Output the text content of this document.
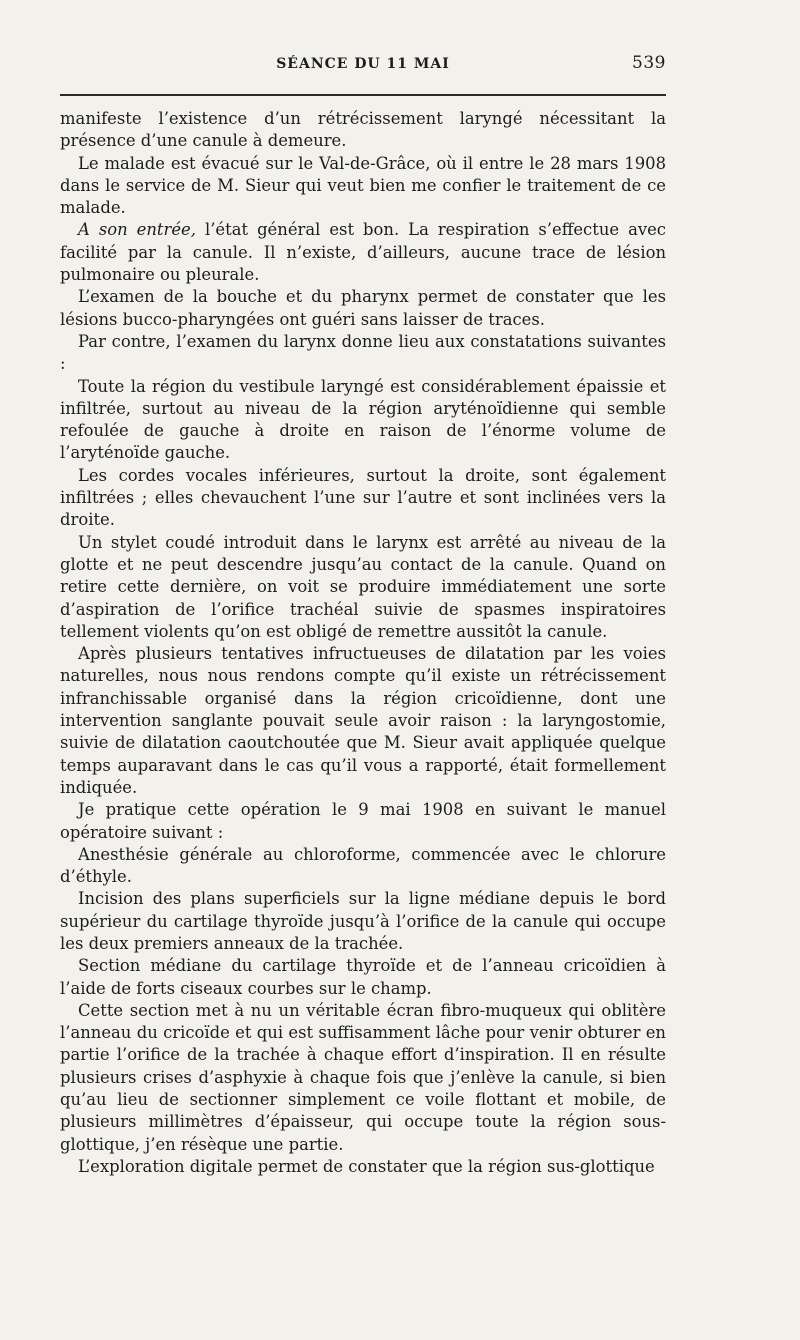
SÉANCE DU 11 MAI	539

manifeste l’existence d’un rétrécissement laryngé nécessitant la présence d’une canule à demeure.

Le malade est évacué sur le Val-de-Grâce, où il entre le 28 mars 1908 dans le service de M. Sieur qui veut bien me confier le traitement de ce malade.

A son entrée, l’état général est bon. La respiration s’effectue avec facilité par la canule. Il n’existe, d’ailleurs, aucune trace de lésion pulmonaire ou pleurale.

L’examen de la bouche et du pharynx permet de constater que les lésions bucco-pharyngées ont guéri sans laisser de traces.

Par contre, l’examen du larynx donne lieu aux constatations suivantes :

Toute la région du vestibule laryngé est considérablement épaissie et infiltrée, surtout au niveau de la région aryténoïdienne qui semble refoulée de gauche à droite en raison de l’énorme volume de l’aryténoïde gauche.

Les cordes vocales inférieures, surtout la droite, sont également infiltrées ; elles chevauchent l’une sur l’autre et sont inclinées vers la droite.

Un stylet coudé introduit dans le larynx est arrêté au niveau de la glotte et ne peut descendre jusqu’au contact de la canule. Quand on retire cette dernière, on voit se produire immédiatement une sorte d’aspiration de l’orifice trachéal suivie de spasmes inspiratoires tellement violents qu’on est obligé de remettre aussitôt la canule.

Après plusieurs tentatives infructueuses de dilatation par les voies naturelles, nous nous rendons compte qu’il existe un rétrécissement infranchissable organisé dans la région cricoïdienne, dont une intervention sanglante pouvait seule avoir raison : la laryngostomie, suivie de dilatation caoutchoutée que M. Sieur avait appliquée quelque temps auparavant dans le cas qu’il vous a rapporté, était formellement indiquée.

Je pratique cette opération le 9 mai 1908 en suivant le manuel opératoire suivant :

Anesthésie générale au chloroforme, commencée avec le chlorure d’éthyle.

Incision des plans superficiels sur la ligne médiane depuis le bord supérieur du cartilage thyroïde jusqu’à l’orifice de la canule qui occupe les deux premiers anneaux de la trachée.

Section médiane du cartilage thyroïde et de l’anneau cricoïdien à l’aide de forts ciseaux courbes sur le champ.

Cette section met à nu un véritable écran fibro-muqueux qui oblitère l’anneau du cricoïde et qui est suffisamment lâche pour venir obturer en partie l’orifice de la trachée à chaque effort d’inspiration. Il en résulte plusieurs crises d’asphyxie à chaque fois que j’enlève la canule, si bien qu’au lieu de sectionner simplement ce voile flottant et mobile, de plusieurs millimètres d’épaisseur, qui occupe toute la région sous-glottique, j’en résèque une partie.

L’exploration digitale permet de constater que la région sus-glottique
